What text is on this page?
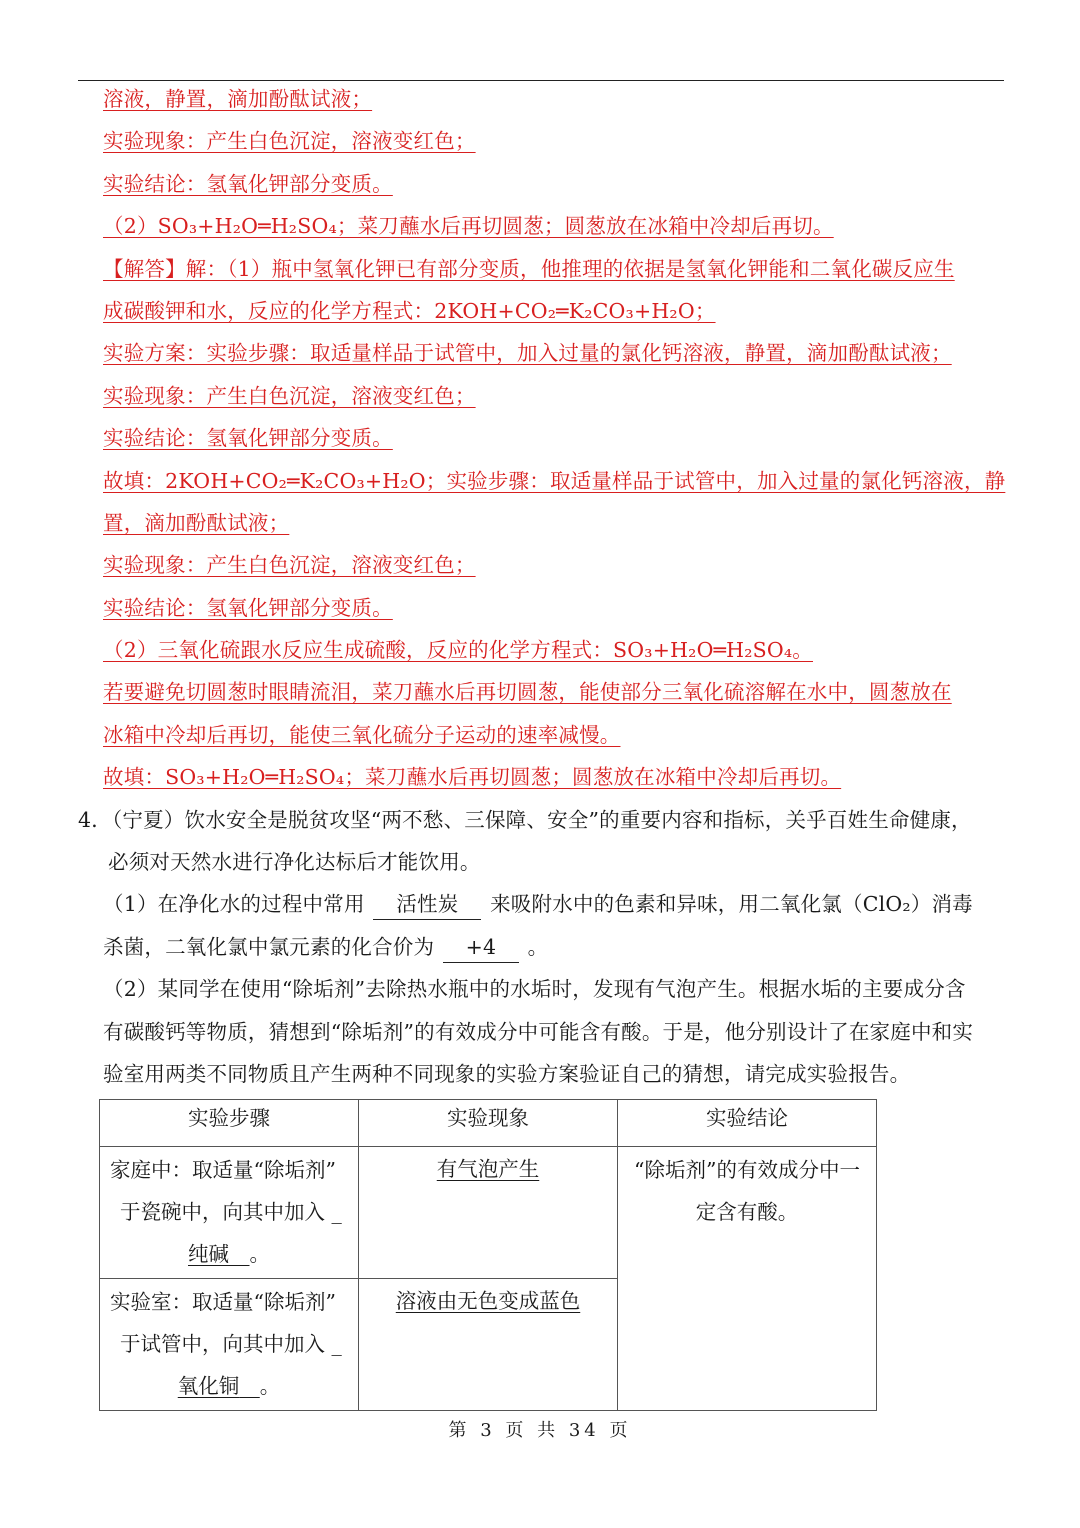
溶液，静置，滴加酚酞试液；
实验现象：产生白色沉淀，溶液变红色；
实验结论：氢氧化钾部分变质。
（2）SO₃+H₂O═H₂SO₄；菜刀蘸水后再切圆葱；圆葱放在冰箱中冷却后再切。
【解答】解：（1）瓶中氢氧化钾已有部分变质，他推理的依据是氢氧化钾能和二氧化碳反应生
成碳酸钾和水，反应的化学方程式：2KOH+CO₂═K₂CO₃+H₂O；
实验方案：实验步骤：取适量样品于试管中，加入过量的氯化钙溶液，静置，滴加酚酞试液；
实验现象：产生白色沉淀，溶液变红色；
实验结论：氢氧化钾部分变质。
故填：2KOH+CO₂═K₂CO₃+H₂O；实验步骤：取适量样品于试管中，加入过量的氯化钙溶液，静
置，滴加酚酞试液；
实验现象：产生白色沉淀，溶液变红色；
实验结论：氢氧化钾部分变质。
（2）三氧化硫跟水反应生成硫酸，反应的化学方程式：SO₃+H₂O═H₂SO₄。
若要避免切圆葱时眼睛流泪，菜刀蘸水后再切圆葱，能使部分三氧化硫溶解在水中，圆葱放在
冰箱中冷却后再切，能使三氧化硫分子运动的速率减慢。
故填：SO₃+H₂O═H₂SO₄；菜刀蘸水后再切圆葱；圆葱放在冰箱中冷却后再切。
4．（宁夏）饮水安全是脱贫攻坚“两不愁、三保障、安全”的重要内容和指标，关乎百姓生命健康，
必须对天然水进行净化达标后才能饮用。
（1）在净化水的过程中常用 活性炭 来吸附水中的色素和异味，用二氧化氯（ClO₂）消毒
杀菌，二氧化氯中氯元素的化合价为 +4 。
（2）某同学在使用“除垢剂”去除热水瓶中的水垢时，发现有气泡产生。根据水垢的主要成分含
有碳酸钙等物质，猜想到“除垢剂”的有效成分中可能含有酸。于是，他分别设计了在家庭中和实
验室用两类不同物质且产生两种不同现象的实验方案验证自己的猜想，请完成实验报告。
实验步骤	实验现象	实验结论

家庭中：取适量“除垢剂”
于瓷碗中，向其中加入 _
纯碱  。	有气泡产生	“除垢剂”的有效成分中一
定含有酸。

实验室：取适量“除垢剂”
于试管中，向其中加入 _
氧化铜  。	溶液由无色变成蓝色	
第 3 页 共 34 页
